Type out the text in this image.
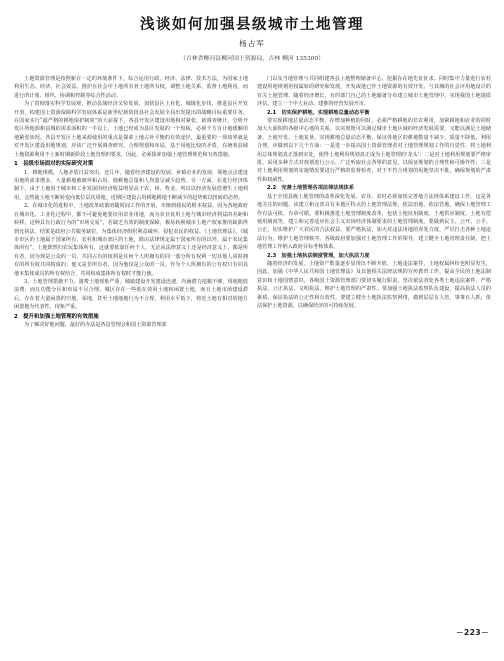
浅谈如何加强县级城市土地管理
杨占军
（吉林省柳河县柳河国土资源局，吉林 柳河 135300）

土地资源管理是按照新在一定的环境条件下，综合运用行政、经济、法律、技术方法，为国家土地利用生态、经济、社会效益、推护在社会中土地所有者土地所有权，调整土地关系，监督土地利用，而进行的计划、组织、协调和控制等综合性活动。

为了贯彻落实科学发展观，推动县域经济又快发展，加快县区土业化、城镇化步伐，推进县区开发开放，构建国土资源保障科学发展体系是新世纪新阶段县社会发展全局出发提出的战略目标重要任务。在国家实行“最严格的耕地保护制度”的大前提下，各县开发区建设用地相对紧张，新调查统计，分析开发区所地源和县城的需求面积的一半以上，土地已经成为县区发展的一个短板，必须千方百计地缓解用地紧张状况。各县开发区土地来源使用的重点是探索上地占补平衡的有效途径，最重要的一项效率就是对开发区建设用地规划，应该广泛开展调查研究，合理规划和布局，基于用地比较的矛盾，在统筹县域土地资源利用不上新时期新阶段土地管理的要求，因此，必须探索加强土地管理规范和有效措施。

1　县级市场面对的实际研究对策

1、耕地规模，人地矛盾日益突出。近几年，随着经济建设的发展、乡镇企业的发展，领地点点建设用地的需求增多，大量耕地被被坏和占用，使耕地总量和人均量呈减少趋势。另一方面，在进行经济体制下，由于土地用于城市和工业发展的经济收益明显高于农、林、牧业。所以以经济发展偿增生土地利用，会然使土地不断转变向低位层次用地。近期区建设占用耕地耕地不断减少的趋势难以扭转的态势。

2、在城市化的进程中，土地改革政策的随时间工作的开展，牵渐到我民的根本权益。因为各地政府在城市化、工业化过程中，都不可避免地要征用农业用地，而为农业征用土地与城市经济利益的差距和转移，这种具有行政行为的“市场交易”，若缺乏有效的制度保障，极易转换城市土地产权家推的缺陷得到允执法。结果是政府公共服务缺位，为集体经济组织利益破坏，侵犯农民的权益。《土地管理法》、《城市市区的土地属于国家所有，农村和城市郊区的土地，除由法律规定属于国家所有的以外，属于农民集体所有”，土地既然归农民集体所有，这就要依靠任何个人，无论从法律意义上还是经济意义上，都是所有者，因为现是公众的一员，共同占有的权利是任何个人所拥有的同一部分所有权利一切其他人同时拥有的所有权共同构成的；他又是非所有者，因为他仅是公众的一员，作为个人所拥有的公有权只有同其他本集体成员的所有权结合，共同构成集体所有权时才能行使。

3、土地管理措施不力，滥费土地现象严重。城镇建设开发建设迅速，内涵潜力挖掘不够，用地粗放浪费，而且功能分区和布局不尽合理。城区存在一些低在效用土地和闲置土地，而且土地市场建设滞后，存在着大量闲置的空地、零地，甚至土地地地行为不合现、利用水平低下，将近土地有相对的地方闲置地为代表性，现象严重。

2　提升和加强土地管理的有效措施

为了解决好地问题，最好的办法是各县管理会和国土资源管理部

门以及当地管理与共同组建各县土地整理储备中心，挖掘存在地先征征求。同时集中力量进行农村建设用地规划用权属转的研究和发现，开发或地已作土地资源的有效开发、与其城的社会评用地设计的有关土地管理。随着经济增长，有的部门自己的土地储备分布建立城市土地管理中，实现我国土地提质评估、建立一个中大业动、建推的经营发展开市。

2.1　切实保护耕地，实现耕地总量动态平衡

要实现耕地总量动态平衡，在增加种植的同时，必须严格耕地的非农利用，加紧耕地和农业的同时加大大面积的各级中心地的关系，以实现既可以满足城市土地区域的经济发展需要，又能以满足土地储备、土地开发、土地复垦，实现耕地总量动态平衡，保证各地区的耕地数量不减少、质量不降低、利用合理，应做到以下几个方面：一是进一步提高国土资源管理者对土地管理规划工作的自觉性，将土地利用总体规划真正落到实处，使得土地利用规划真正成为土地管理的'龙头'；二是对土地利用规划要严格审批，采用多种方式对规划进行公示，广泛听取社会各界的意见，以保证规划的合理性和可操作性；三是对土地利用规划的实施情况要进行严格的监督检查，对于不符合规划的用地坚决不批，确保规划的严肃性和权威性。

2.2　完善土地管理各项法律法规体系

基于全国县级土地管理的改革深化发展，农业、农村必须加快完善地方法规体系建设工作，这是各地关注的问题。该建立和完善具有本地区特点的土地管理法规，依法治地、依法管地，确保土地管理工作有法可依、有章可循。要积极推进土地管理制度改革，包括土地征用制度、土地供应制度、土地有偿使用制度等，建立和完善适应社会主义市场经济体制要求的土地管理制度。要做到民主、公开、公平、公正，切实维护广大农民的合法权益。要严格执法，加大对违法用地的查处力度，严厉打击各种土地违法行为，维护土地管理秩序。各级政府要加强对土地管理工作的领导，建立健全土地管理责任制，把土地管理工作纳入政府目标考核体系。

2.3　加强土地执法制度管理，加大执法力度

随着经济的发展，土地资产数量逐步显现出不断升值，土地违法案件，土地权属纠纷也明显发生，因此，加强《中华人民共和国土地管理法》及其他相关法律法规的宣传教育工作，提高全民的土地法制意识和土地国情意识，各级国土资源管理部门要切实履行职责，坚决依法查处各类土地违法案件，严格执法，公正执法，文明执法，维护土地管理的严肃性。要加强土地执法监察队伍建设，提高执法人员的素质，保证执法的公正性和有效性。要建立健全土地执法监察网络，做到层层有人管，事事有人抓，依法保护土地资源，以确保经济的可持续发展。

－223－
